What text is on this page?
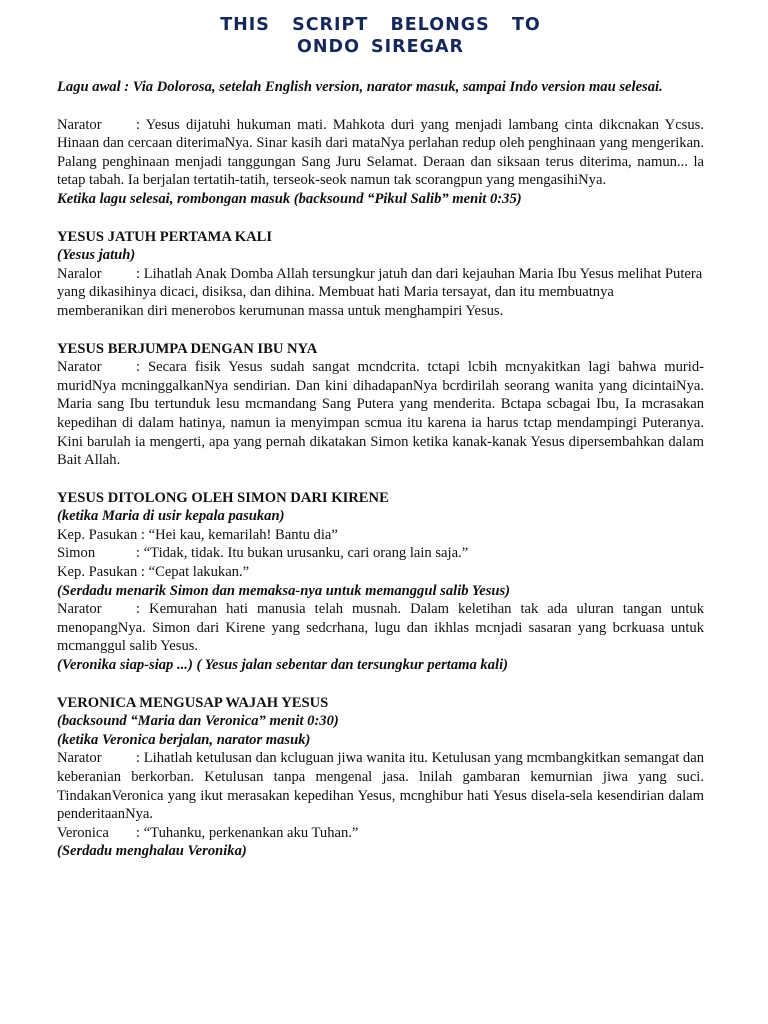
THIS  SCRIPT  BELONGS  TO
ONDO SIREGAR

Lagu awal : Via Dolorosa, setelah English version, narator masuk, sampai Indo version mau selesai.

Narator : Yesus dijatuhi hukuman mati. Mahkota duri yang menjadi lambang cinta dikcnakan Ycsus. Hinaan dan cercaan diterimaNya. Sinar kasih dari mataNya perlahan redup oleh penghinaan yang mengerikan. Palang penghinaan menjadi tanggungan Sang Juru Selamat. Deraan dan siksaan terus diterima, namun... la tetap tabah. Ia berjalan tertatih-tatih, terseok-seok namun tak scorangpun yang mengasihiNya.

Ketika lagu selesai, rombongan masuk (backsound “Pikul Salib” menit 0:35)

YESUS JATUH PERTAMA KALI

(Yesus jatuh)

Naralor : Lihatlah Anak Domba Allah tersungkur jatuh dan dari kejauhan Maria Ibu Yesus melihat Putera yang dikasihinya dicaci, disiksa, dan dihina. Membuat hati Maria tersayat, dan itu membuatnya memberanikan diri menerobos kerumunan massa untuk menghampiri Yesus.

YESUS BERJUMPA DENGAN IBU NYA

Narator : Secara fisik Yesus sudah sangat mcndcrita. tctapi lcbih mcnyakitkan lagi bahwa murid-muridNya mcninggalkanNya sendirian. Dan kini dihadapanNya bcrdirilah seorang wanita yang dicintaiNya. Maria sang Ibu tertunduk lesu mcmandang Sang Putera yang menderita. Bctapa scbagai Ibu, Ia mcrasakan kepedihan di dalam hatinya, namun ia menyimpan scmua itu karena ia harus tctap mendampingi Puteranya. Kini barulah ia mengerti, apa yang pernah dikatakan Simon ketika kanak-kanak Yesus dipersembahkan dalam Bait Allah.

YESUS DITOLONG OLEH SIMON DARI KIRENE

(ketika Maria di usir kepala pasukan)

Kep. Pasukan : “Hei kau, kemarilah! Bantu dia”

Simon	: “Tidak, tidak. Itu bukan urusanku, cari orang lain saja.”

Kep. Pasukan : “Cepat lakukan.”

(Serdadu menarik Simon dan memaksa-nya untuk memanggul salib Yesus)

Narator : Kemurahan hati manusia telah musnah. Dalam keletihan tak ada uluran tangan untuk menopangNya. Simon dari Kirene yang sedcrhana, lugu dan ikhlas mcnjadi sasaran yang bcrkuasa untuk mcmanggul salib Yesus.

(Veronika siap-siap ...) ( Yesus jalan sebentar dan tersungkur pertama kali)

VERONICA MENGUSAP WAJAH YESUS

(backsound “Maria dan Veronica” menit 0:30)

(ketika Veronica berjalan, narator masuk)

Narator : Lihatlah ketulusan dan kcluguan jiwa wanita itu. Ketulusan yang mcmbangkitkan semangat dan keberanian berkorban. Ketulusan tanpa mengenal jasa. lnilah gambaran kemurnian jiwa yang suci. TindakanVeronica yang ikut merasakan kepedihan Yesus, mcnghibur hati Yesus disela-sela kesendirian dalam penderitaanNya.

Veronica : “Tuhanku, perkenankan aku Tuhan.”

(Serdadu menghalau Veronika)
